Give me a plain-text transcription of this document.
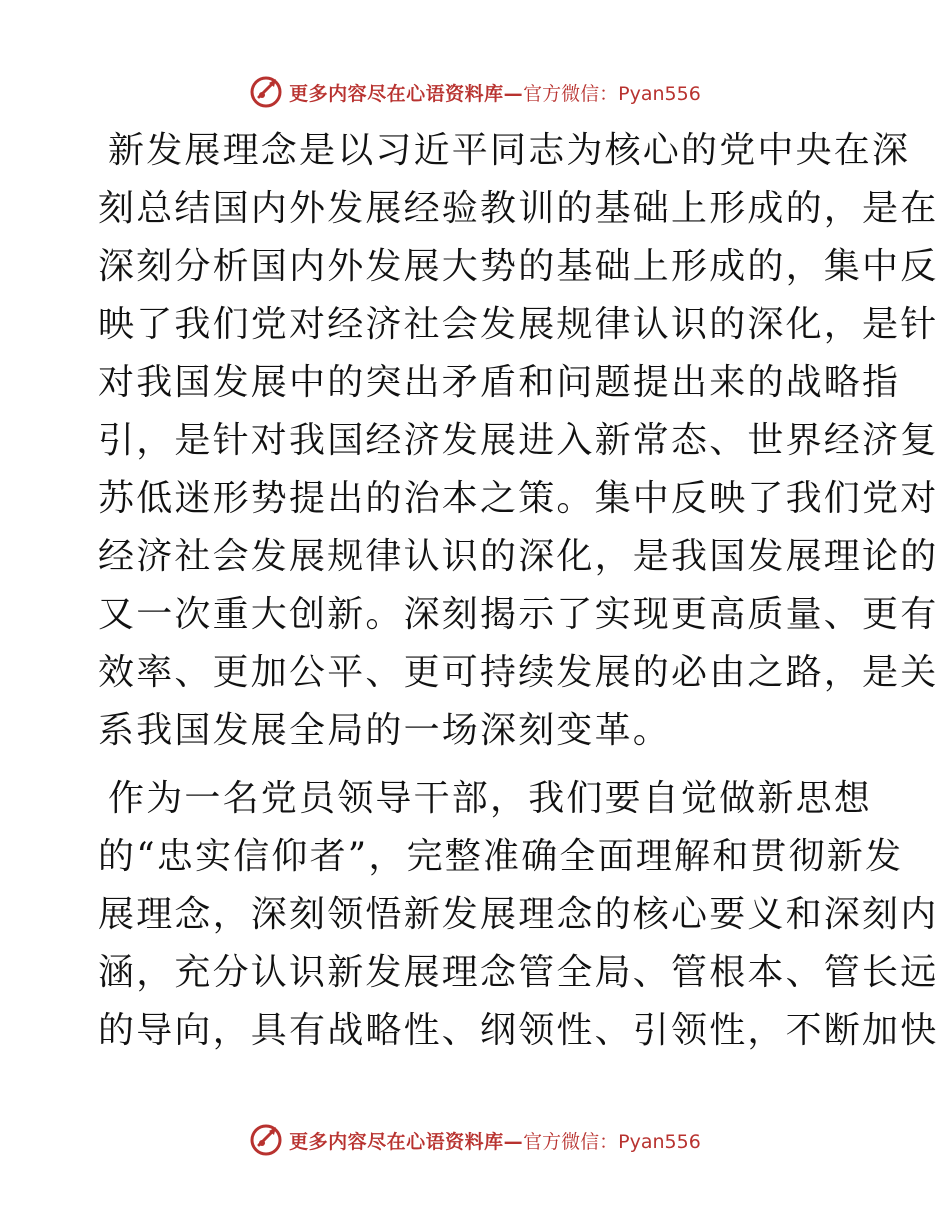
更多内容尽在心语资料库— 官方微信：Pyan556
新发展理念是以习近平同志为核心的党中央在深
刻总结国内外发展经验教训的基础上形成的，是在
深刻分析国内外发展大势的基础上形成的，集中反
映了我们党对经济社会发展规律认识的深化，是针
对我国发展中的突出矛盾和问题提出来的战略指
引，是针对我国经济发展进入新常态、世界经济复
苏低迷形势提出的治本之策。集中反映了我们党对
经济社会发展规律认识的深化，是我国发展理论的
又一次重大创新。深刻揭示了实现更高质量、更有
效率、更加公平、更可持续发展的必由之路，是关
系我国发展全局的一场深刻变革。
作为一名党员领导干部，我们要自觉做新思想
的“忠实信仰者”，完整准确全面理解和贯彻新发
展理念，深刻领悟新发展理念的核心要义和深刻内
涵，充分认识新发展理念管全局、管根本、管长远
的导向，具有战略性、纲领性、引领性，不断加快
更多内容尽在心语资料库— 官方微信：Pyan556
